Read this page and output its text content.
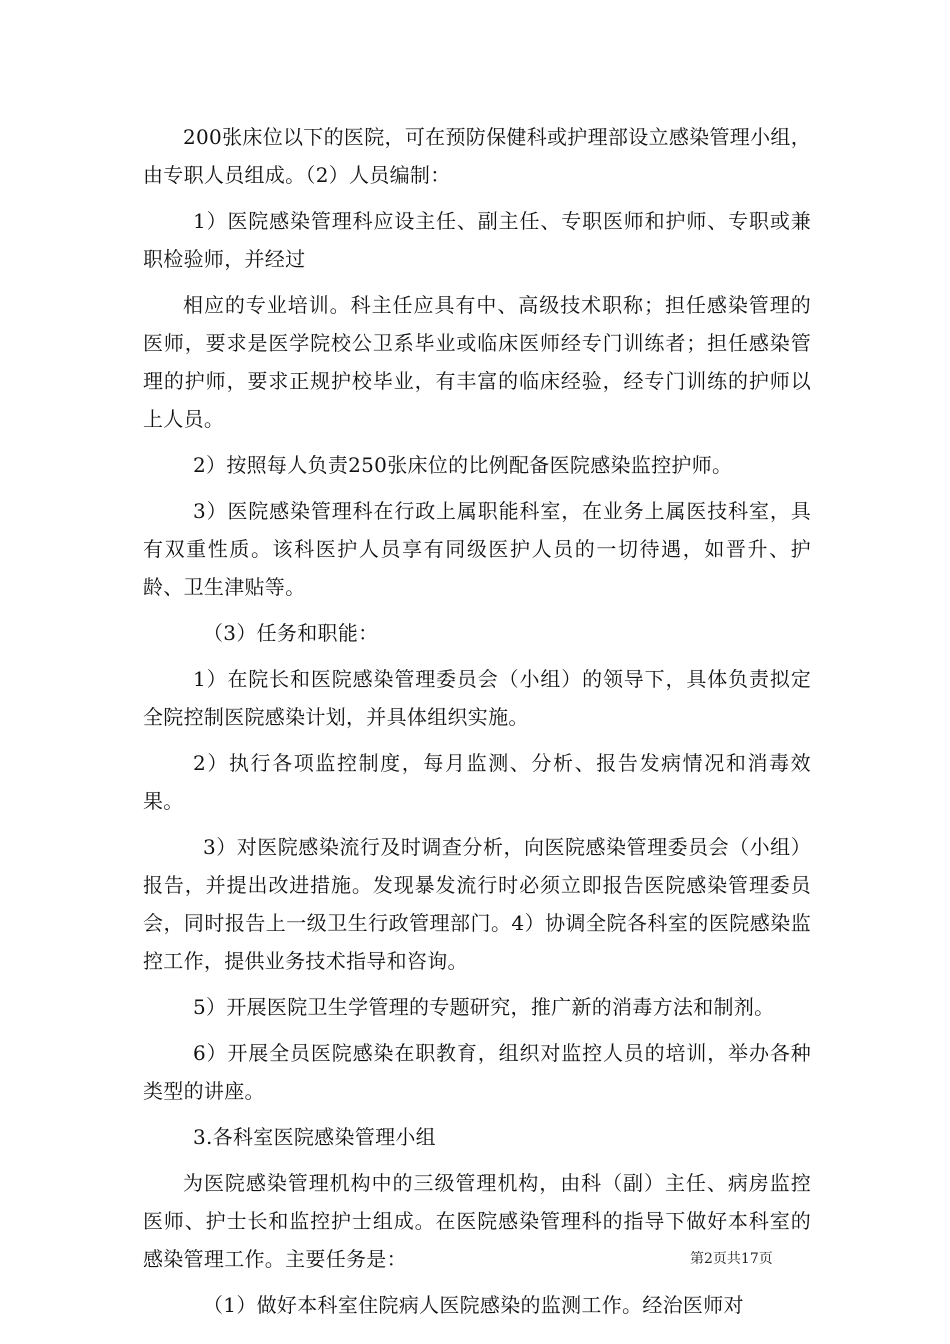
200张床位以下的医院，可在预防保健科或护理部设立感染管理小组，由专职人员组成。（2）人员编制：

1）医院感染管理科应设主任、副主任、专职医师和护师、专职或兼职检验师，并经过

相应的专业培训。科主任应具有中、高级技术职称；担任感染管理的医师，要求是医学院校公卫系毕业或临床医师经专门训练者；担任感染管理的护师，要求正规护校毕业，有丰富的临床经验，经专门训练的护师以上人员。

2）按照每人负责250张床位的比例配备医院感染监控护师。

3）医院感染管理科在行政上属职能科室，在业务上属医技科室，具有双重性质。该科医护人员享有同级医护人员的一切待遇，如晋升、护龄、卫生津贴等。

（3）任务和职能：

1）在院长和医院感染管理委员会（小组）的领导下，具体负责拟定全院控制医院感染计划，并具体组织实施。

2）执行各项监控制度，每月监测、分析、报告发病情况和消毒效果。

3）对医院感染流行及时调查分析，向医院感染管理委员会（小组）报告，并提出改进措施。发现暴发流行时必须立即报告医院感染管理委员会，同时报告上一级卫生行政管理部门。4）协调全院各科室的医院感染监控工作，提供业务技术指导和咨询。

5）开展医院卫生学管理的专题研究，推广新的消毒方法和制剂。

6）开展全员医院感染在职教育，组织对监控人员的培训，举办各种类型的讲座。

3.各科室医院感染管理小组

为医院感染管理机构中的三级管理机构，由科（副）主任、病房监控医师、护士长和监控护士组成。在医院感染管理科的指导下做好本科室的感染管理工作。主要任务是：

（1）做好本科室住院病人医院感染的监测工作。经治医师对

第2页共17页
